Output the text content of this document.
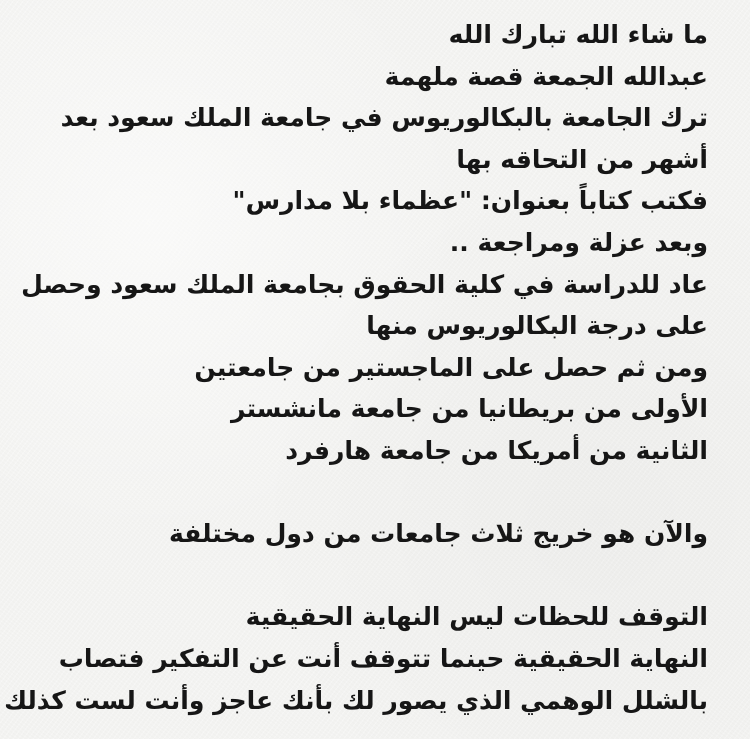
ما شاء الله تبارك الله
عبدالله الجمعة قصة ملهمة
ترك الجامعة بالبكالوريوس في جامعة الملك سعود بعد
أشهر من التحاقه بها
فكتب كتاباً بعنوان: "عظماء بلا مدارس"
وبعد عزلة ومراجعة ..
عاد للدراسة في كلية الحقوق بجامعة الملك سعود وحصل
على درجة البكالوريوس منها
ومن ثم حصل على الماجستير من جامعتين
الأولى من بريطانيا من جامعة مانشستر
الثانية من أمريكا من جامعة هارفرد
والآن هو خريج ثلاث جامعات من دول مختلفة
التوقف للحظات ليس النهاية الحقيقية
النهاية الحقيقية حينما تتوقف أنت عن التفكير فتصاب
بالشلل الوهمي الذي يصور لك بأنك عاجز وأنت لست كذلك
